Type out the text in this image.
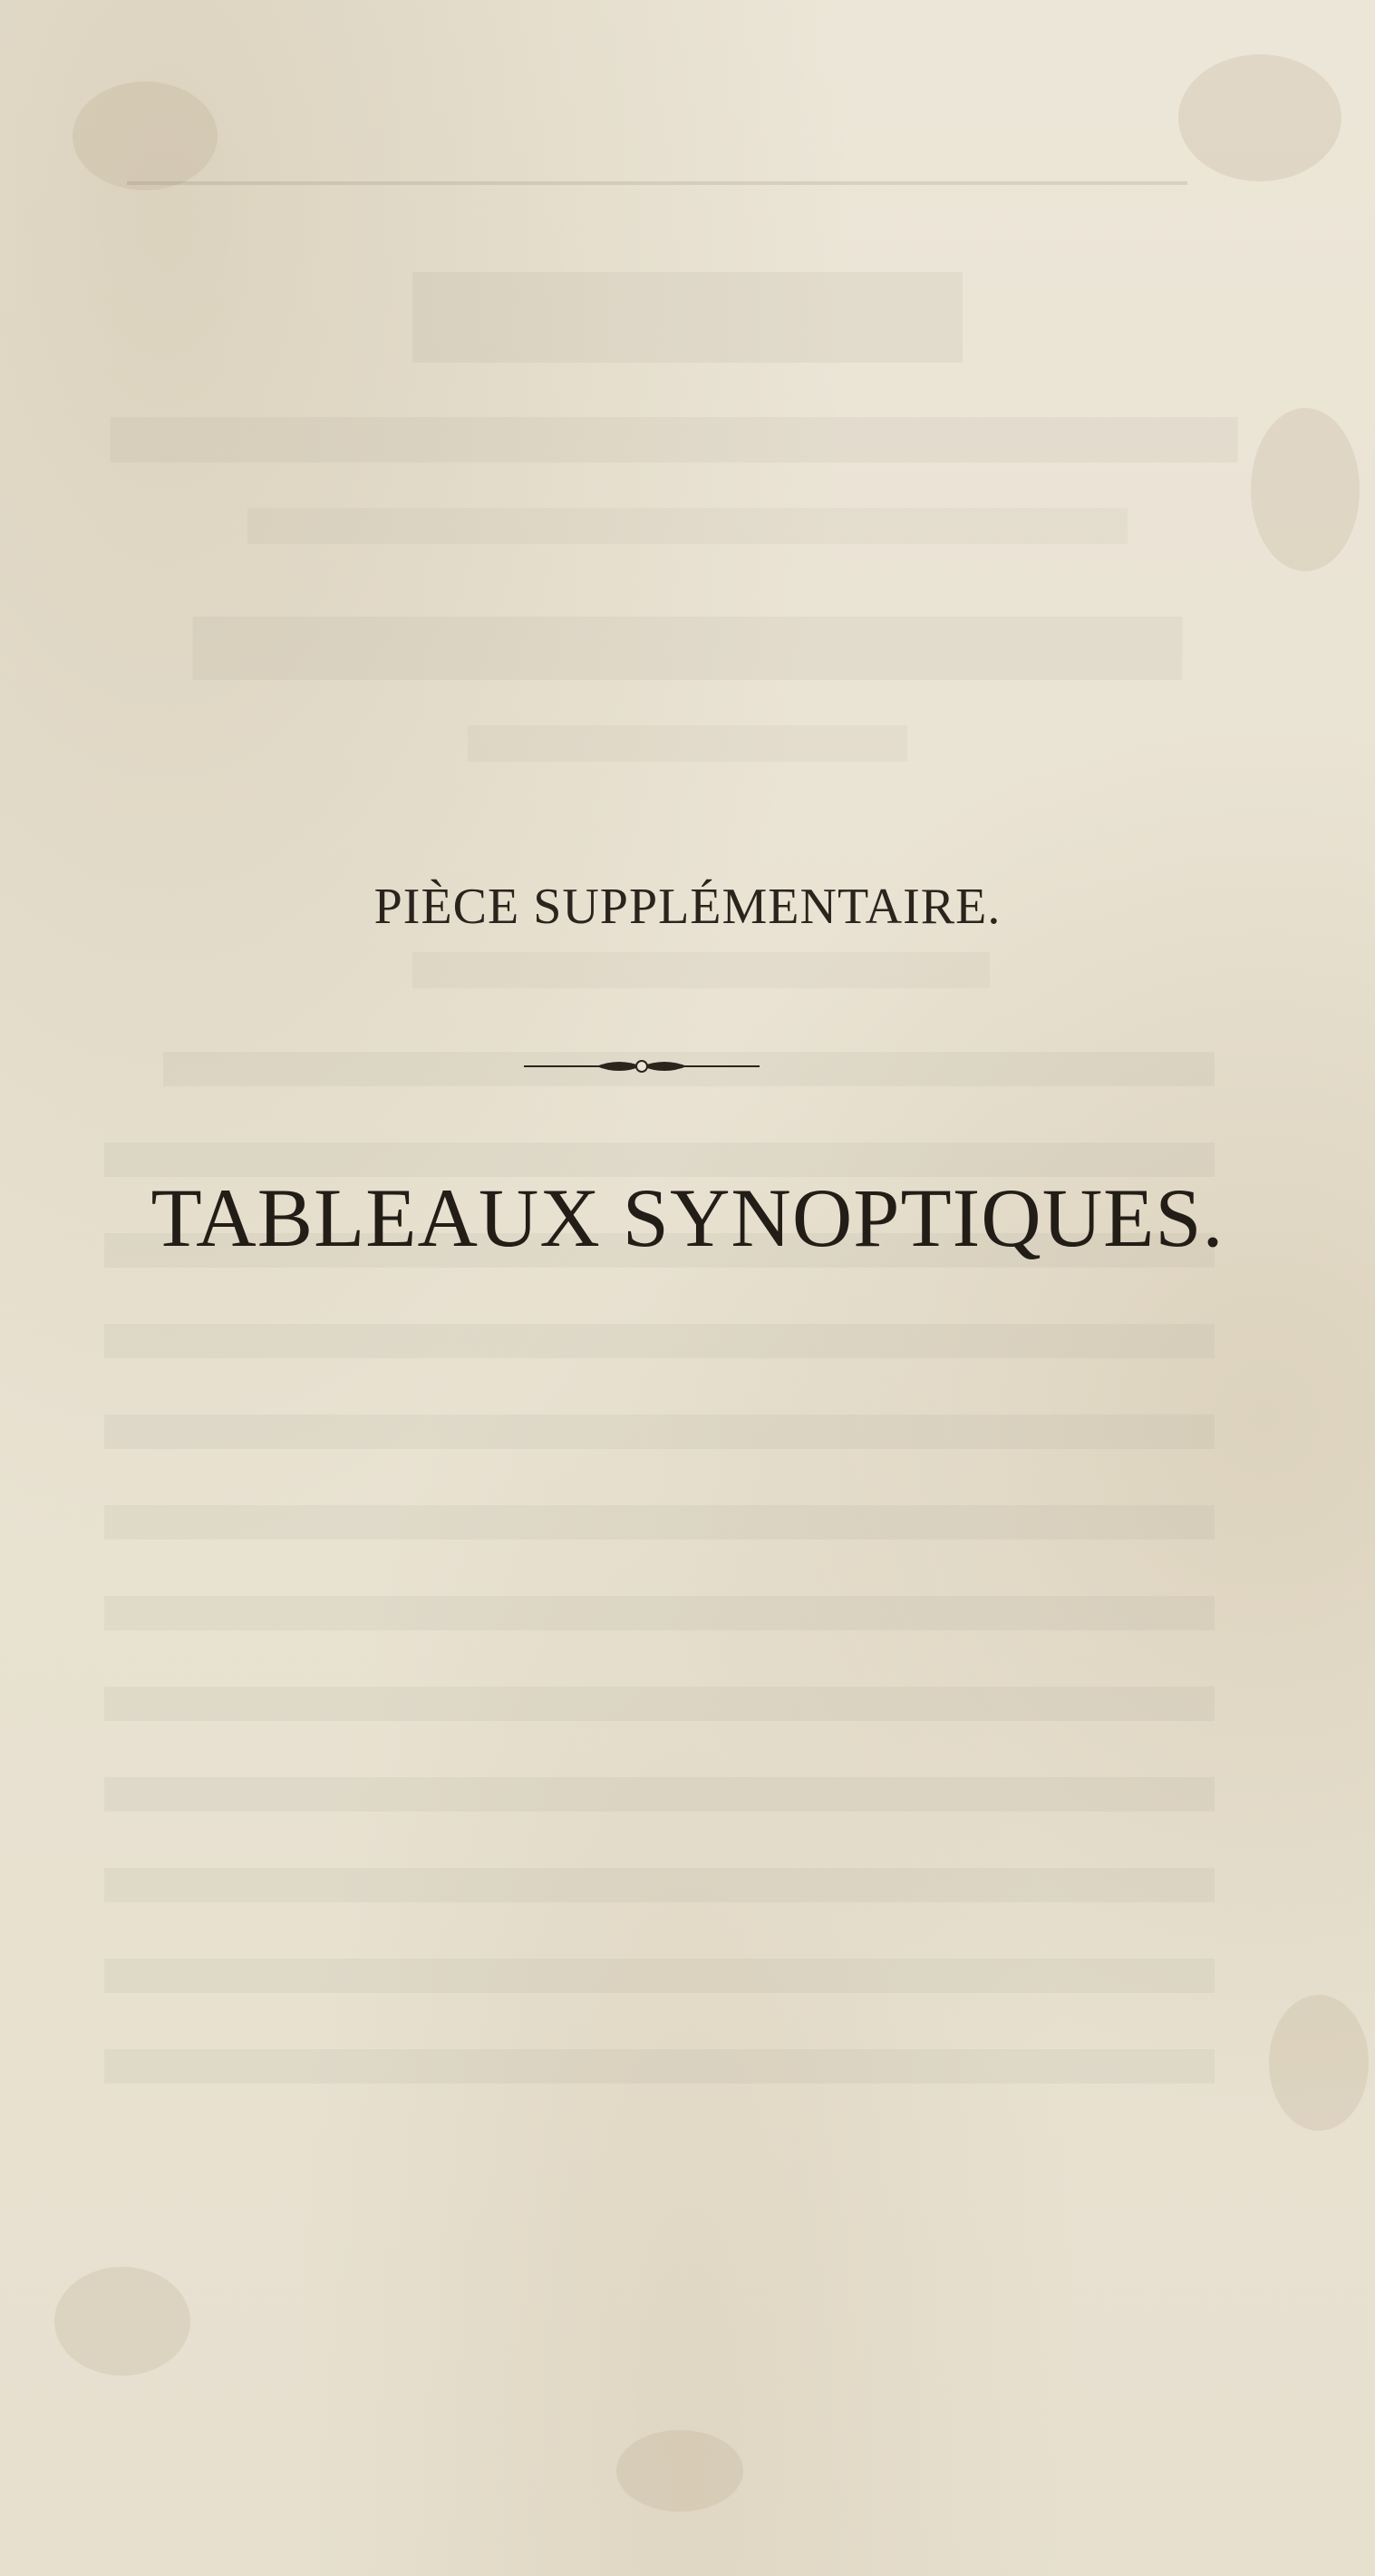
PIÈCE SUPPLÉMENTAIRE.
TABLEAUX SYNOPTIQUES.
